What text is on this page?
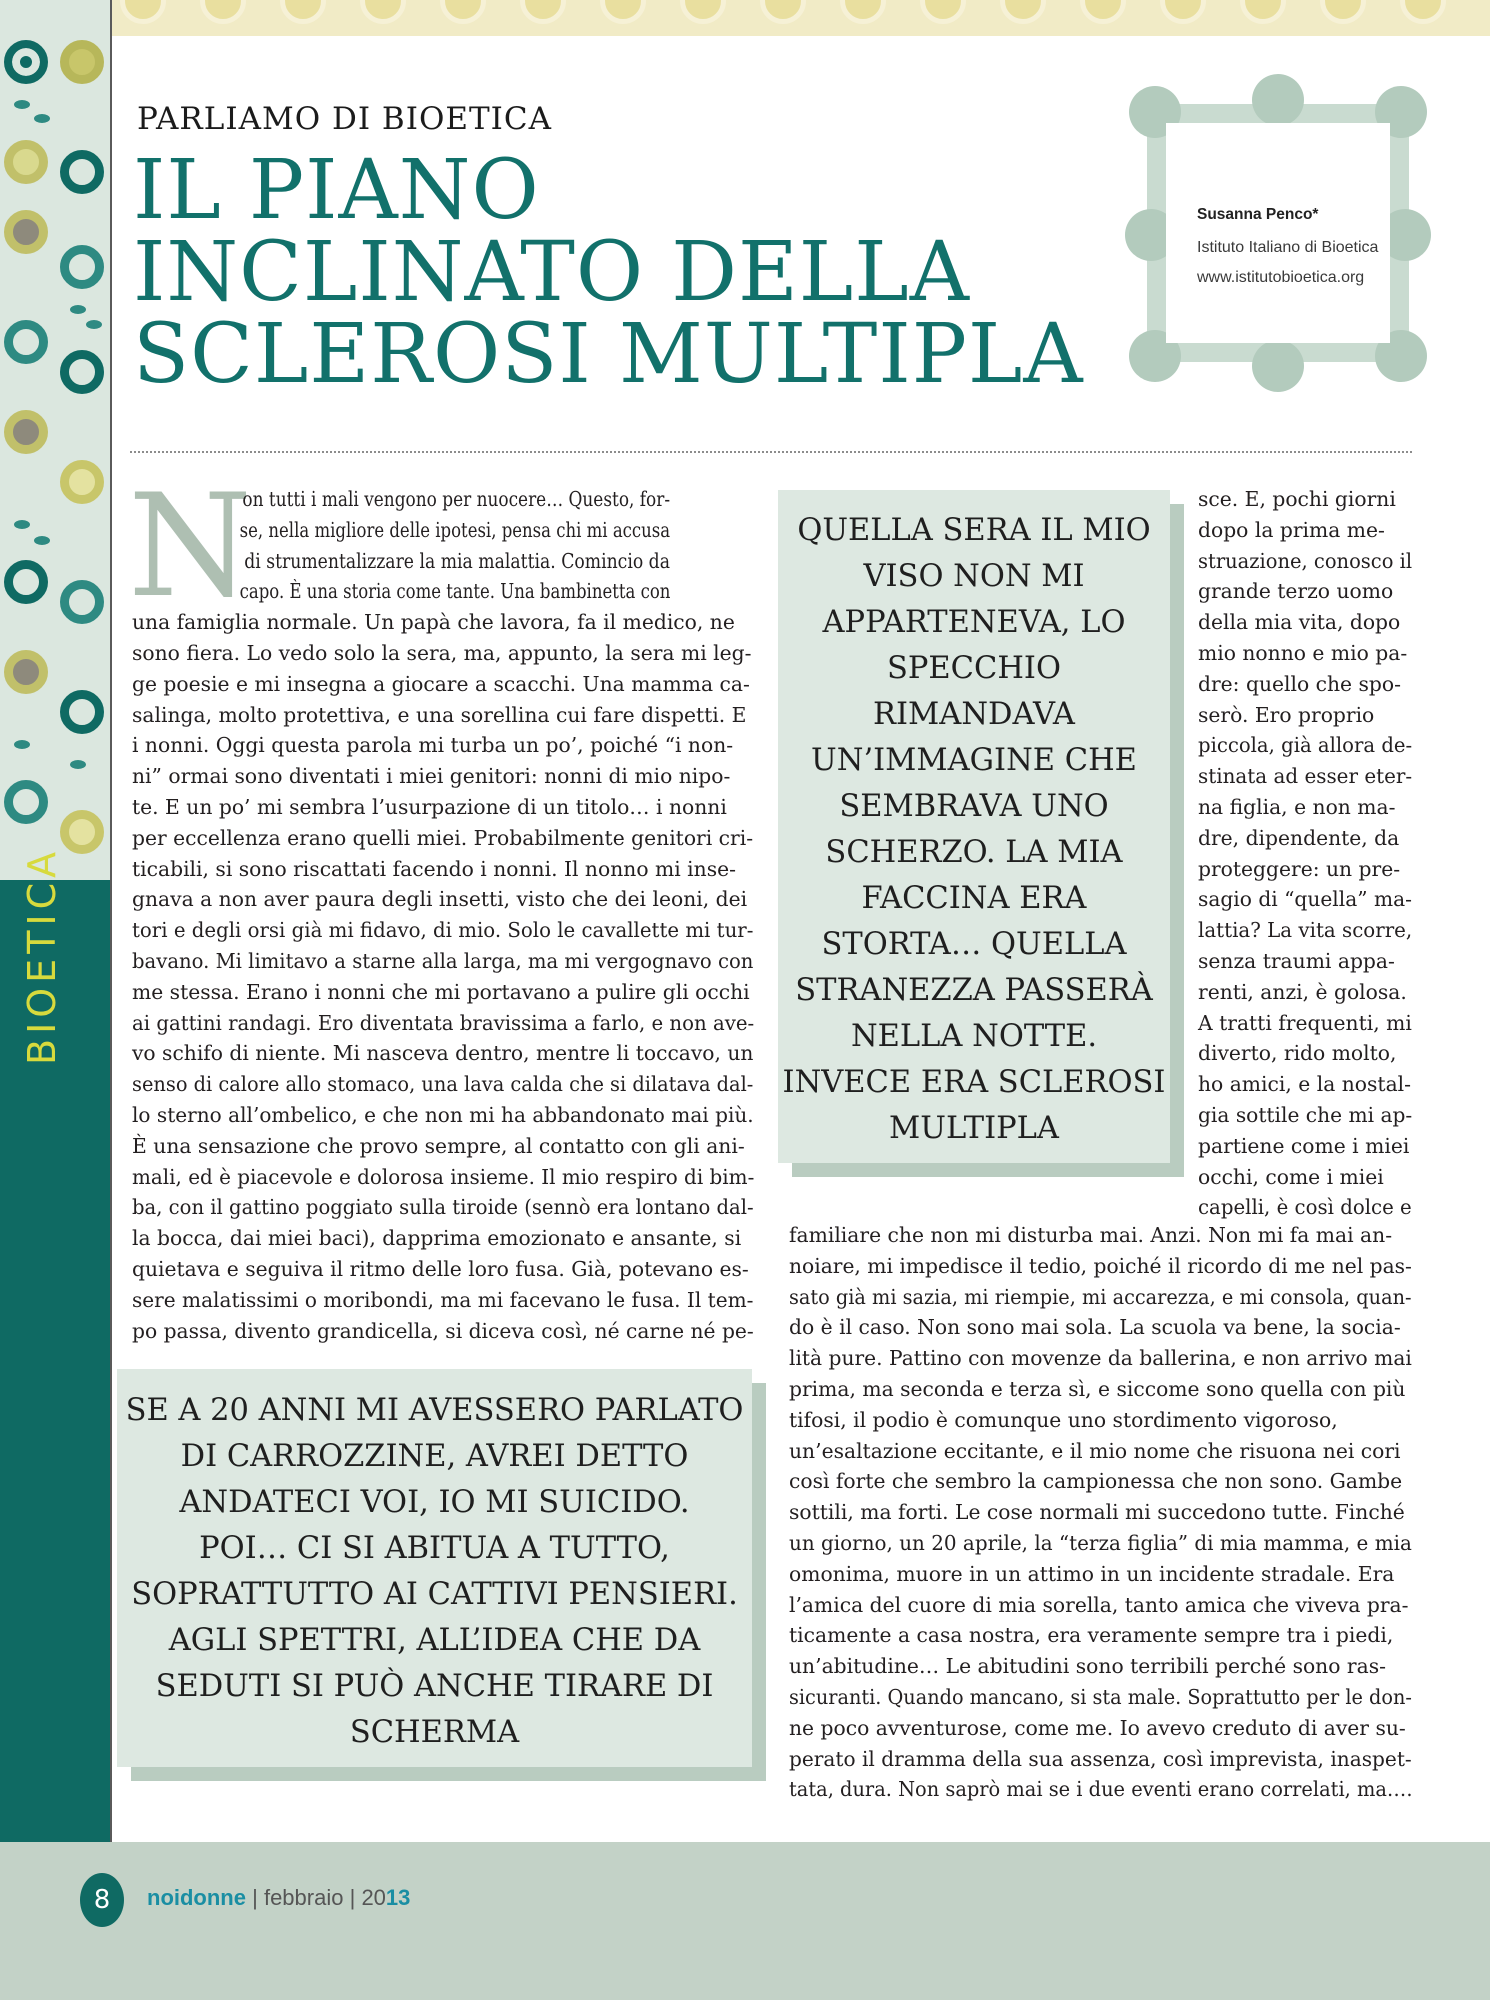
PARLIAMO DI BIOETICA
IL PIANO
INCLINATO DELLA
SCLEROSI MULTIPLA
Susanna Penco*
Istituto Italiano di Bioetica
www.istitutobioetica.org
N
on tutti i mali vengono per nuocere… Questo, for-
se, nella migliore delle ipotesi, pensa chi mi accusa
di strumentalizzare la mia malattia. Comincio da
capo. È una storia come tante. Una bambinetta con
una famiglia normale. Un papà che lavora, fa il medico, ne
sono fiera. Lo vedo solo la sera, ma, appunto, la sera mi leg-
ge poesie e mi insegna a giocare a scacchi. Una mamma ca-
salinga, molto protettiva, e una sorellina cui fare dispetti. E
i nonni. Oggi questa parola mi turba un po’, poiché “i non-
ni” ormai sono diventati i miei genitori: nonni di mio nipo-
te. E un po’ mi sembra l’usurpazione di un titolo… i nonni
per eccellenza erano quelli miei. Probabilmente genitori cri-
ticabili, si sono riscattati facendo i nonni. Il nonno mi inse-
gnava a non aver paura degli insetti, visto che dei leoni, dei
tori e degli orsi già mi fidavo, di mio. Solo le cavallette mi tur-
bavano. Mi limitavo a starne alla larga, ma mi vergognavo con
me stessa. Erano i nonni che mi portavano a pulire gli occhi
ai gattini randagi. Ero diventata bravissima a farlo, e non ave-
vo schifo di niente. Mi nasceva dentro, mentre li toccavo, un
senso di calore allo stomaco, una lava calda che si dilatava dal-
lo sterno all’ombelico, e che non mi ha abbandonato mai più.
È una sensazione che provo sempre, al contatto con gli ani-
mali, ed è piacevole e dolorosa insieme. Il mio respiro di bim-
ba, con il gattino poggiato sulla tiroide (sennò era lontano dal-
la bocca, dai miei baci), dapprima emozionato e ansante, si
quietava e seguiva il ritmo delle loro fusa. Già, potevano es-
sere malatissimi o moribondi, ma mi facevano le fusa. Il tem-
po passa, divento grandicella, si diceva così, né carne né pe-
QUELLA SERA IL MIO
VISO NON MI
APPARTENEVA, LO
SPECCHIO
RIMANDAVA
UN’IMMAGINE CHE
SEMBRAVA UNO
SCHERZO. LA MIA
FACCINA ERA
STORTA… QUELLA
STRANEZZA PASSERÀ
NELLA NOTTE.
INVECE ERA SCLEROSI
MULTIPLA
sce. E, pochi giorni
dopo la prima me-
struazione, conosco il
grande terzo uomo
della mia vita, dopo
mio nonno e mio pa-
dre: quello che spo-
serò. Ero proprio
piccola, già allora de-
stinata ad esser eter-
na figlia, e non ma-
dre, dipendente, da
proteggere: un pre-
sagio di “quella” ma-
lattia? La vita scorre,
senza traumi appa-
renti, anzi, è golosa.
A tratti frequenti, mi
diverto, rido molto,
ho amici, e la nostal-
gia sottile che mi ap-
partiene come i miei
occhi, come i miei
capelli, è così dolce e
familiare che non mi disturba mai. Anzi. Non mi fa mai an-
noiare, mi impedisce il tedio, poiché il ricordo di me nel pas-
sato già mi sazia, mi riempie, mi accarezza, e mi consola, quan-
do è il caso. Non sono mai sola. La scuola va bene, la socia-
lità pure. Pattino con movenze da ballerina, e non arrivo mai
prima, ma seconda e terza sì, e siccome sono quella con più
tifosi, il podio è comunque uno stordimento vigoroso,
un’esaltazione eccitante, e il mio nome che risuona nei cori
così forte che sembro la campionessa che non sono. Gambe
sottili, ma forti. Le cose normali mi succedono tutte. Finché
un giorno, un 20 aprile, la “terza figlia” di mia mamma, e mia
omonima, muore in un attimo in un incidente stradale. Era
l’amica del cuore di mia sorella, tanto amica che viveva pra-
ticamente a casa nostra, era veramente sempre tra i piedi,
un’abitudine… Le abitudini sono terribili perché sono ras-
sicuranti. Quando mancano, si sta male. Soprattutto per le don-
ne poco avventurose, come me. Io avevo creduto di aver su-
perato il dramma della sua assenza, così imprevista, inaspet-
tata, dura. Non saprò mai se i due eventi erano correlati, ma….
SE A 20 ANNI MI AVESSERO PARLATO
DI CARROZZINE, AVREI DETTO
ANDATECI VOI, IO MI SUICIDO.
POI… CI SI ABITUA A TUTTO,
SOPRATTUTTO AI CATTIVI PENSIERI.
AGLI SPETTRI, ALL’IDEA CHE DA
SEDUTI SI PUÒ ANCHE TIRARE DI
SCHERMA
8	noidonne | febbraio | 2013
